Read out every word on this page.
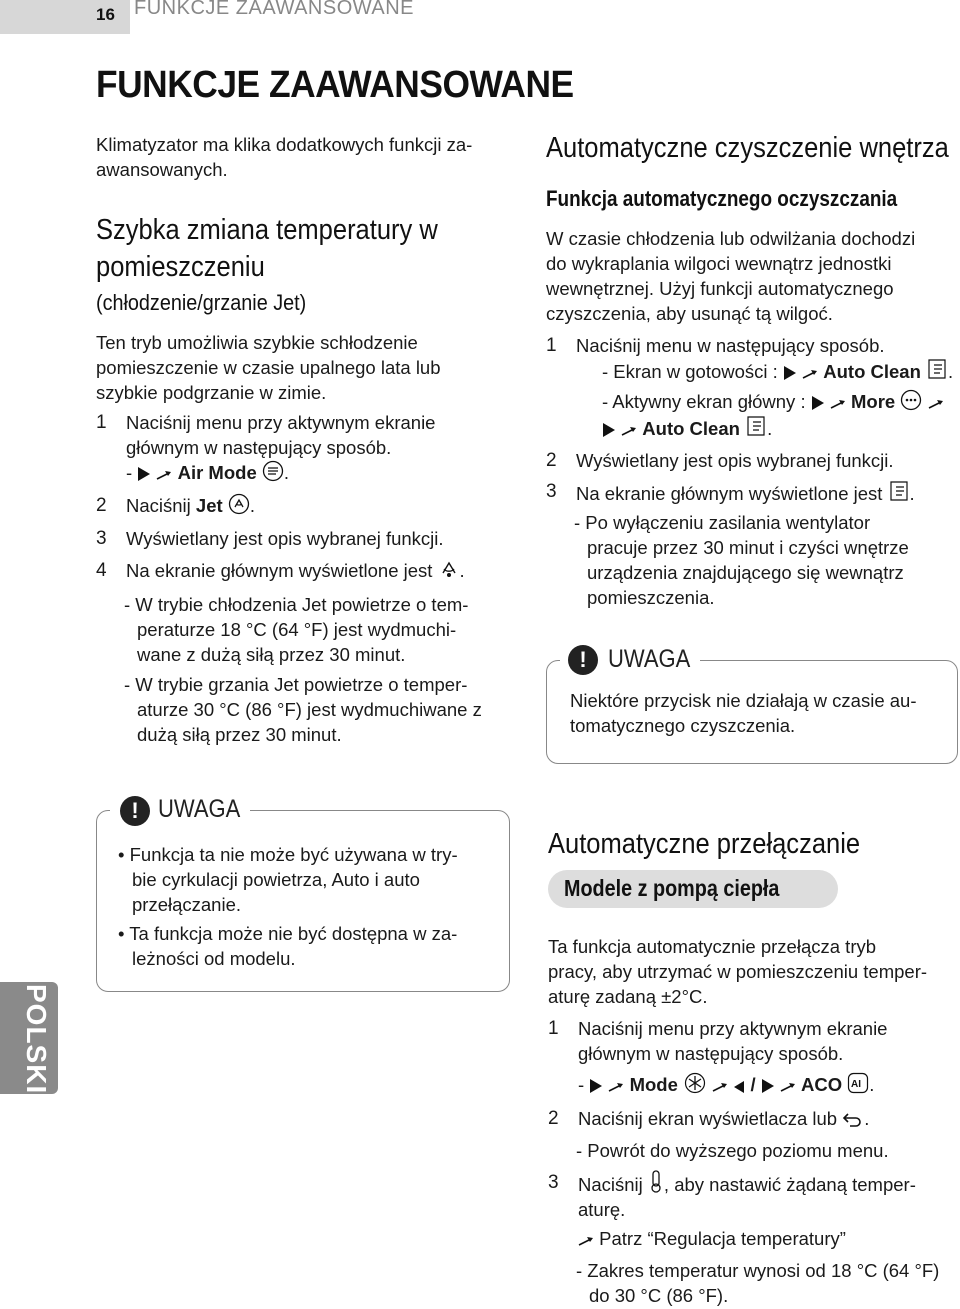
16 FUNKCJE ZAAWANSOWANE
FUNKCJE ZAAWANSOWANE
Klimatyzator ma klika dodatkowych funkcji za-
awansowanych.
Szybka zmiana temperatury w
pomieszczeniu
(chłodzenie/grzanie Jet)
Ten tryb umożliwia szybkie schłodzenie
pomieszczenie w czasie upalnego lata lub
szybkie podgrzanie w zimie.
1 Naciśnij menu przy aktywnym ekranie
głównym w następujący sposób.
- Air Mode .
2 Naciśnij Jet .
3 Wyświetlany jest opis wybranej funkcji.
4 Na ekranie głównym wyświetlone jest .
- W trybie chłodzenia Jet powietrze o tem-
peraturze 18 °C (64 °F) jest wydmuchi-
wane z dużą siłą przez 30 minut.
- W trybie grzania Jet powietrze o temper-
aturze 30 °C (86 °F) jest wydmuchiwane z
dużą siłą przez 30 minut.
! UWAGA
• Funkcja ta nie może być używana w try-
bie cyrkulacji powietrza, Auto i auto
przełączanie.
• Ta funkcja może nie być dostępna w za-
leżności od modelu.
POLSKI
Automatyczne czyszczenie wnętrza
Funkcja automatycznego oczyszczania
W czasie chłodzenia lub odwilżania dochodzi
do wykraplania wilgoci wewnątrz jednostki
wewnętrznej. Użyj funkcji automatycznego
czyszczenia, aby usunąć tą wilgoć.
1 Naciśnij menu w następujący sposób.
- Ekran w gotowości : Auto Clean .
- Aktywny ekran główny : More
Auto Clean .
2 Wyświetlany jest opis wybranej funkcji.
3 Na ekranie głównym wyświetlone jest .
- Po wyłączeniu zasilania wentylator
pracuje przez 30 minut i czyści wnętrze
urządzenia znajdującego się wewnątrz
pomieszczenia.
! UWAGA
Niektóre przycisk nie działają w czasie au-
tomatycznego czyszczenia.
Automatyczne przełączanie
Modele z pompą ciepła
Ta funkcja automatycznie przełącza tryb
pracy, aby utrzymać w pomieszczeniu temper-
aturę zadaną ±2°C.
1 Naciśnij menu przy aktywnym ekranie
głównym w następujący sposób.
- Mode	/ ACO AI .
2 Naciśnij ekran wyświetlacza lub .
- Powrót do wyższego poziomu menu.
3 Naciśnij , aby nastawić żądaną temper-
aturę.
Patrz “Regulacja temperatury”
- Zakres temperatur wynosi od 18 °C (64 °F)
do 30 °C (86 °F).
